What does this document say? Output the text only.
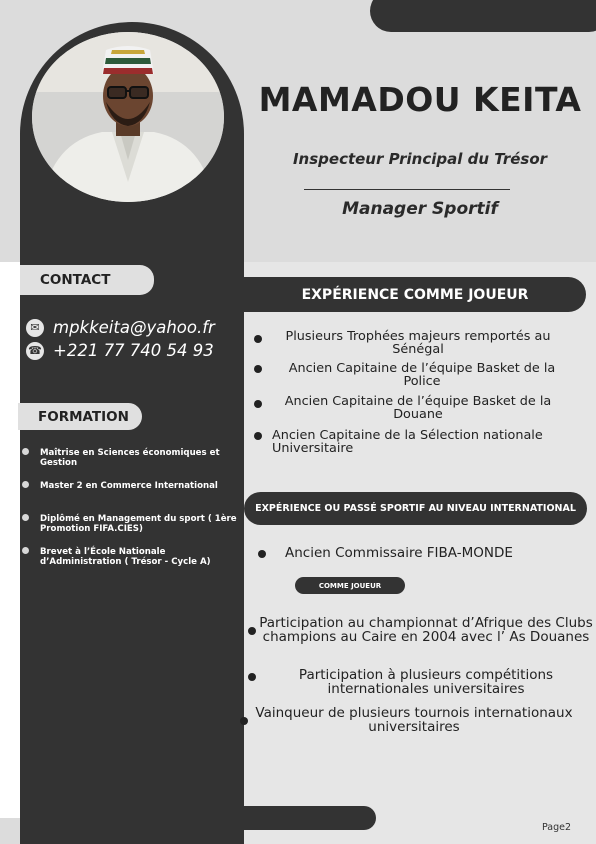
MAMADOU KEITA
Inspecteur Principal du Trésor
Manager Sportif
CONTACT
✉ mpkkeita@yahoo.fr
☎ +221 77 740 54 93
FORMATION
Maîtrise en Sciences économiques et Gestion
Master 2 en Commerce International
Diplômé en Management du sport ( 1ère Promotion FIFA.CIES)
Brevet à l’École Nationale d’Administration ( Trésor - Cycle A)
EXPÉRIENCE COMME JOUEUR
Plusieurs Trophées majeurs remportés au Sénégal
Ancien Capitaine de l’équipe Basket de la Police
Ancien Capitaine de l’équipe Basket de la Douane
Ancien Capitaine de la Sélection nationale Universitaire
EXPÉRIENCE OU PASSÉ SPORTIF AU NIVEAU INTERNATIONAL
Ancien Commissaire FIBA-MONDE
COMME JOUEUR
Participation au championnat d’Afrique des Clubs champions au Caire en 2004 avec l’ As Douanes
Participation à plusieurs compétitions internationales universitaires
Vainqueur de plusieurs tournois internationaux universitaires
Page2
